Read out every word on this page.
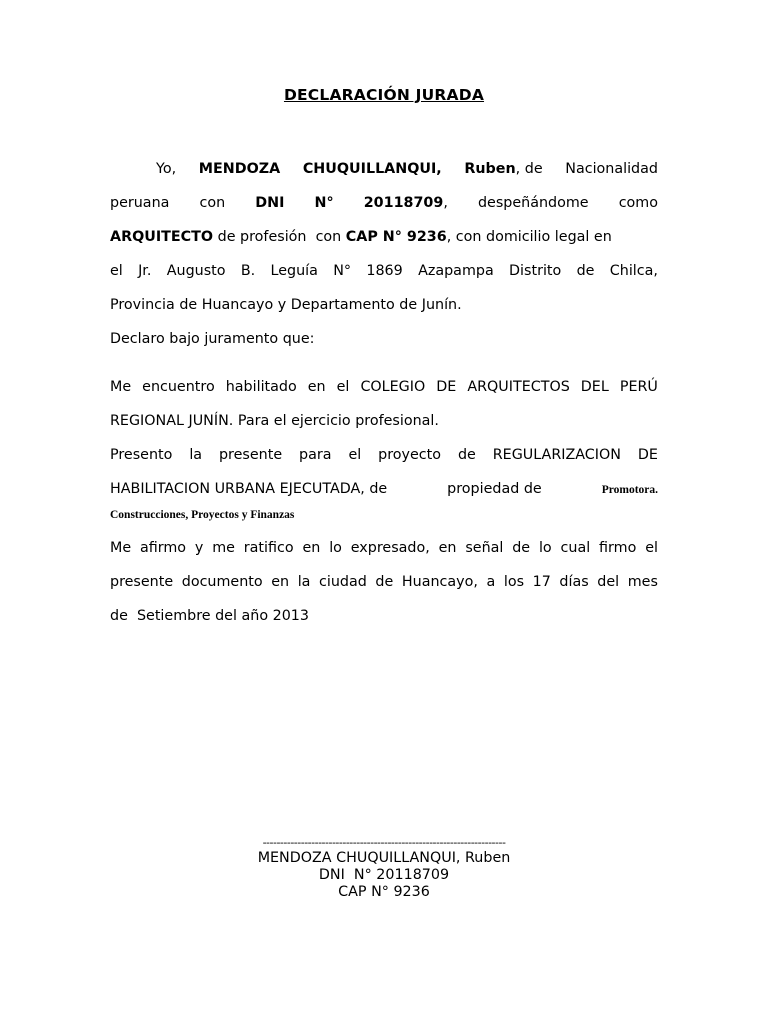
DECLARACIÓN JURADA
Yo, MENDOZA CHUQUILLANQUI, Ruben, de Nacionalidad
peruana con DNI N° 20118709, despeñándome como
ARQUITECTO de profesión  con CAP N° 9236, con domicilio legal en
el Jr. Augusto B. Leguía N° 1869 Azapampa Distrito de Chilca,
Provincia de Huancayo y Departamento de Junín.
Declaro bajo juramento que:
Me encuentro habilitado en el COLEGIO DE ARQUITECTOS DEL PERÚ
REGIONAL JUNÍN. Para el ejercicio profesional.
Presento la presente para el proyecto de REGULARIZACION DE
HABILITACION URBANA EJECUTADA, de	propiedad de	Promotora.
Construcciones, Proyectos y Finanzas
Me afirmo y me ratifico en lo expresado, en señal de lo cual firmo el
presente documento en la ciudad de Huancayo, a los 17 días del mes
de  Setiembre del año 2013
----------------------------------------------------------------------
MENDOZA CHUQUILLANQUI, Ruben
DNI  N° 20118709
CAP N° 9236
